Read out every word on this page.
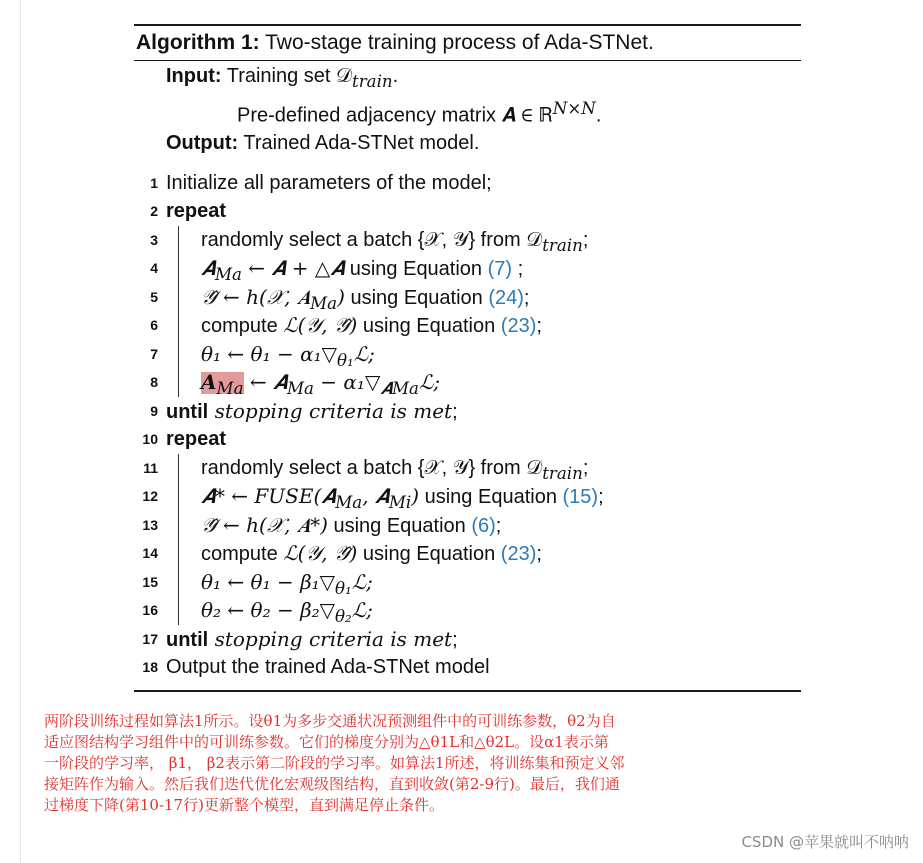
Algorithm 1: Two-stage training process of Ada-STNet.
Input: Training set 𝒟$_{train}$.
Pre-defined adjacency matrix 𝑨 ∈ ℝ$^{N\times N}$.
Output: Trained Ada-STNet model.
1 Initialize all parameters of the model;
2 repeat
3 randomly select a batch {𝒳, 𝒴} from 𝒟$_{train}$;
4 𝑨$_{Ma}$ ← 𝑨 + △𝑨 using Equation (7) ;
5 𝒴̂ ← h(𝒳, 𝑨$_{Ma}$) using Equation (24);
6 compute ℒ(𝒴, 𝒴̂) using Equation (23);
7 θ₁ ← $\theta_1 - \alpha_1▽_{\theta_1}ℒ$;
8 𝑨$_{Ma}$ ← 𝑨$_{Ma}$ − $\alpha_1▽_{𝑨Ma}ℒ$;
9 until stopping criteria is met;
10 repeat
11 randomly select a batch {𝒳, 𝒴} from 𝒟$_{train}$;
12 𝑨* ← FUSE(𝑨$_{Ma}$, 𝑨$_{Mi}$) using Equation (15);
13 𝒴̂ ← h(𝒳, 𝑨*) using Equation (6);
14 compute ℒ(𝒴, 𝒴̂) using Equation (23);
15 θ₁ ← $\theta_1 - \beta_1▽_{\theta_1}ℒ$;
16 θ₂ ← $\theta_2 - \beta_2▽_{\theta_2}ℒ$;
17 until stopping criteria is met;
18 Output the trained Ada-STNet model

两阶段训练过程如算法1所示。设θ1为多步交通状况预测组件中的可训练参数，θ2为自

适应图结构学习组件中的可训练参数。它们的梯度分别为△θ1L和△θ2L。设α1表示第

一阶段的学习率， β1， β2表示第二阶段的学习率。如算法1所述，将训练集和预定义邻

接矩阵作为输入。然后我们迭代优化宏观级图结构，直到收敛(第2-9行)。最后，我们通

过梯度下降(第10-17行)更新整个模型，直到满足停止条件。

CSDN @苹果就叫不呐呐
